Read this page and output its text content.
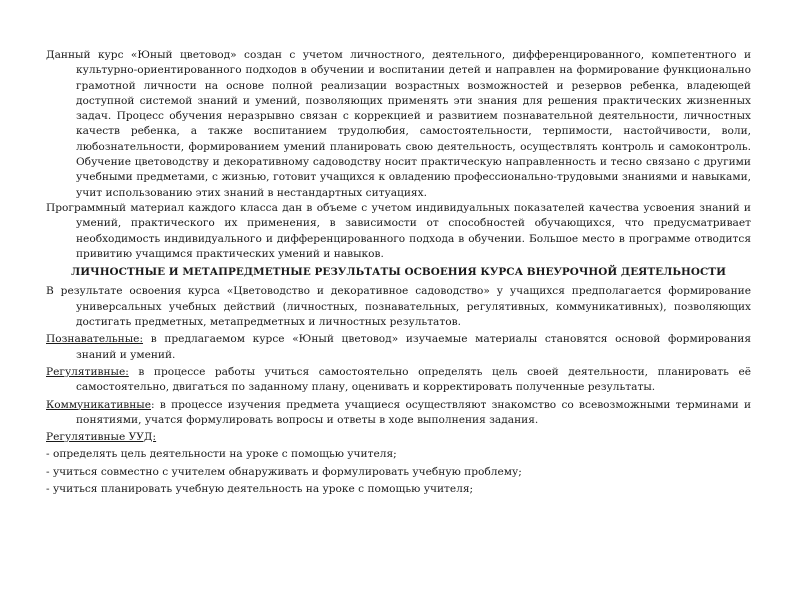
Данный курс «Юный цветовод» создан с учетом личностного, деятельного, дифференцированного, компетентного и культурно-ориентированного подходов в обучении и воспитании детей и направлен на формирование функционально грамотной личности на основе полной реализации возрастных возможностей и резервов ребенка, владеющей доступной системой знаний и умений, позволяющих применять эти знания для решения практических жизненных задач. Процесс обучения неразрывно связан с коррекцией и развитием познавательной деятельности, личностных качеств ребенка, а также воспитанием трудолюбия, самостоятельности, терпимости, настойчивости, воли, любознательности, формированием умений планировать свою деятельность, осуществлять контроль и самоконтроль. Обучение цветоводству и декоративному садоводству носит практическую направленность и тесно связано с другими учебными предметами, с жизнью, готовит учащихся к овладению профессионально-трудовыми знаниями и навыками, учит использованию этих знаний в нестандартных ситуациях.

Программный материал каждого класса дан в объеме с учетом индивидуальных показателей качества усвоения знаний и умений, практического их применения, в зависимости от способностей обучающихся, что предусматривает необходимость индивидуального и дифференцированного подхода в обучении. Большое место в программе отводится привитию учащимся практических умений и навыков.

ЛИЧНОСТНЫЕ И МЕТАПРЕДМЕТНЫЕ РЕЗУЛЬТАТЫ ОСВОЕНИЯ КУРСА ВНЕУРОЧНОЙ ДЕЯТЕЛЬНОСТИ

В результате освоения курса «Цветоводство и декоративное садоводство» у учащихся предполагается формирование универсальных учебных действий (личностных, познавательных, регулятивных, коммуникативных), позволяющих достигать предметных, метапредметных и личностных результатов.

Познавательные: в предлагаемом курсе «Юный цветовод» изучаемые материалы становятся основой формирования знаний и умений.

Регулятивные: в процессе работы учиться самостоятельно определять цель своей деятельности, планировать её самостоятельно, двигаться по заданному плану, оценивать и корректировать полученные результаты.

Коммуникативные: в процессе изучения предмета учащиеся осуществляют знакомство со всевозможными терминами и понятиями, учатся формулировать вопросы и ответы в ходе выполнения задания.

Регулятивные УУД:

- определять цель деятельности на уроке с помощью учителя;
- учиться совместно с учителем обнаруживать и формулировать учебную проблему;
- учиться планировать учебную деятельность на уроке с помощью учителя;
